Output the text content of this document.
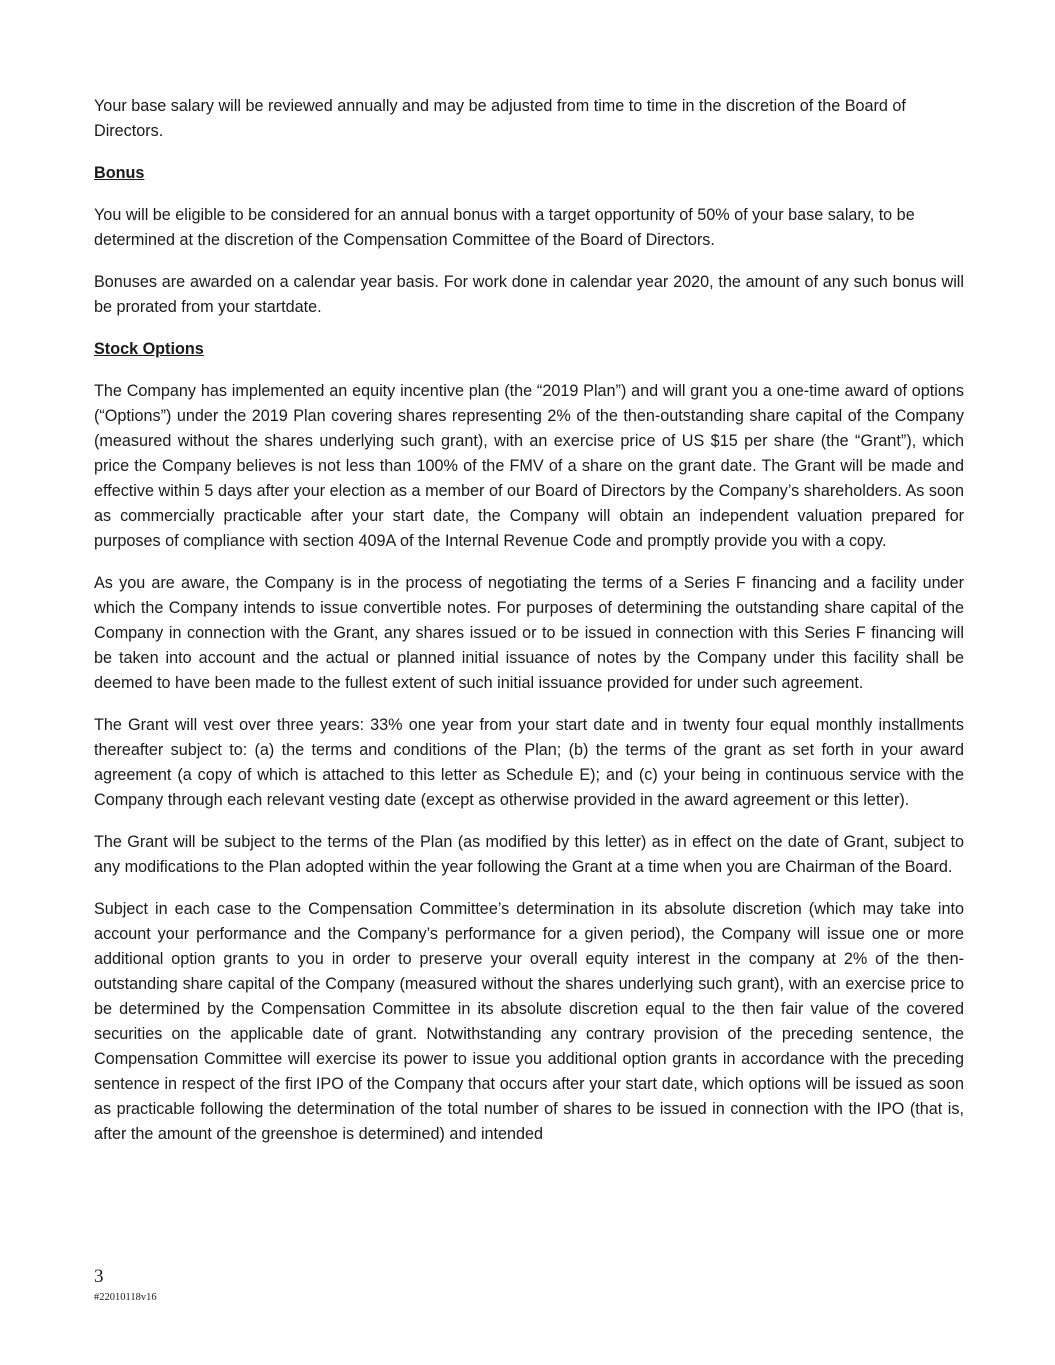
Your base salary will be reviewed annually and may be adjusted from time to time in the discretion of the Board of Directors.

Bonus

You will be eligible to be considered for an annual bonus with a target opportunity of 50% of your base salary, to be determined at the discretion of the Compensation Committee of the Board of Directors.

Bonuses are awarded on a calendar year basis. For work done in calendar year 2020, the amount of any such bonus will be prorated from your startdate.

Stock Options

The Company has implemented an equity incentive plan (the “2019 Plan”) and will grant you a one-time award of options (“Options”) under the 2019 Plan covering shares representing 2% of the then-outstanding share capital of the Company (measured without the shares underlying such grant), with an exercise price of US $15 per share (the “Grant”), which price the Company believes is not less than 100% of the FMV of a share on the grant date. The Grant will be made and effective within 5 days after your election as a member of our Board of Directors by the Company’s shareholders. As soon as commercially practicable after your start date, the Company will obtain an independent valuation prepared for purposes of compliance with section 409A of the Internal Revenue Code and promptly provide you with a copy.

As you are aware, the Company is in the process of negotiating the terms of a Series F financing and a facility under which the Company intends to issue convertible notes. For purposes of determining the outstanding share capital of the Company in connection with the Grant, any shares issued or to be issued in connection with this Series F financing will be taken into account and the actual or planned initial issuance of notes by the Company under this facility shall be deemed to have been made to the fullest extent of such initial issuance provided for under such agreement.

The Grant will vest over three years: 33% one year from your start date and in twenty four equal monthly installments thereafter subject to: (a) the terms and conditions of the Plan; (b) the terms of the grant as set forth in your award agreement (a copy of which is attached to this letter as Schedule E); and (c) your being in continuous service with the Company through each relevant vesting date (except as otherwise provided in the award agreement or this letter).

The Grant will be subject to the terms of the Plan (as modified by this letter) as in effect on the date of Grant, subject to any modifications to the Plan adopted within the year following the Grant at a time when you are Chairman of the Board.

Subject in each case to the Compensation Committee’s determination in its absolute discretion (which may take into account your performance and the Company’s performance for a given period), the Company will issue one or more additional option grants to you in order to preserve your overall equity interest in the company at 2% of the then-outstanding share capital of the Company (measured without the shares underlying such grant), with an exercise price to be determined by the Compensation Committee in its absolute discretion equal to the then fair value of the covered securities on the applicable date of grant. Notwithstanding any contrary provision of the preceding sentence, the Compensation Committee will exercise its power to issue you additional option grants in accordance with the preceding sentence in respect of the first IPO of the Company that occurs after your start date, which options will be issued as soon as practicable following the determination of the total number of shares to be issued in connection with the IPO (that is, after the amount of the greenshoe is determined) and intended

3
#22010118v16
